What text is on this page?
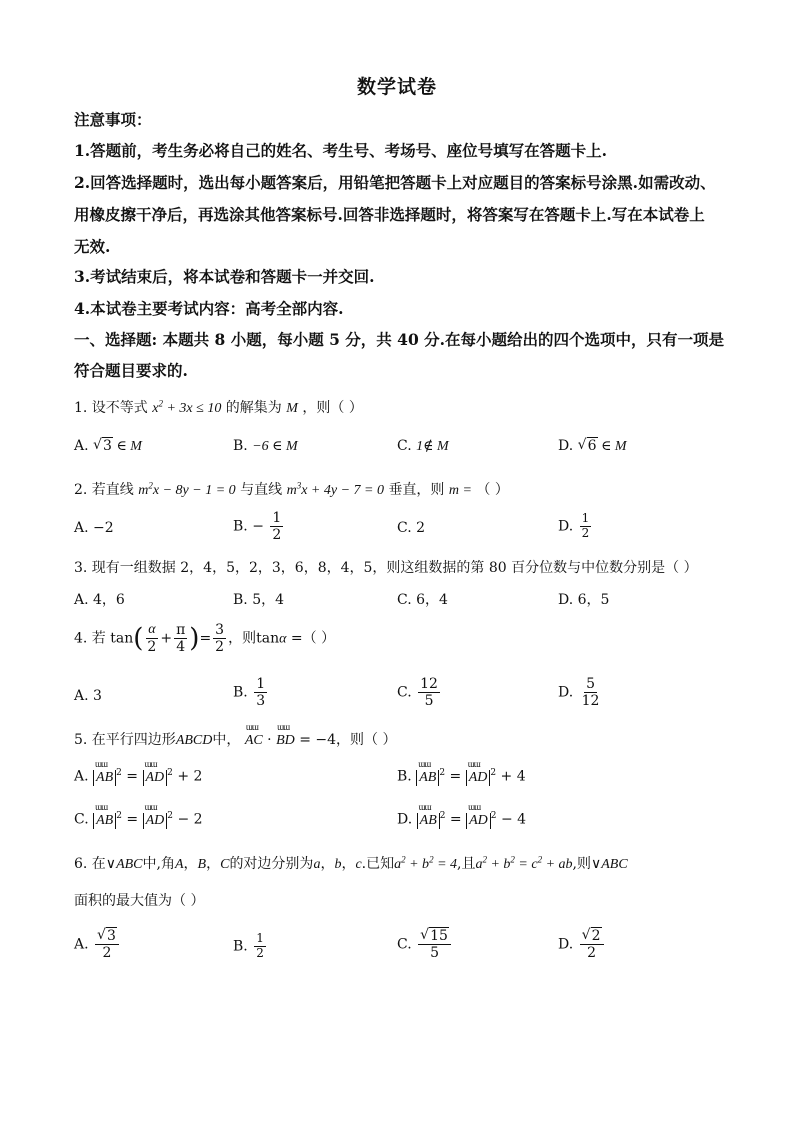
数学试卷
注意事项：
1.答题前，考生务必将自己的姓名、考生号、考场号、座位号填写在答题卡上.
2.回答选择题时，选出每小题答案后，用铅笔把答题卡上对应题目的答案标号涂黑.如需改动、
用橡皮擦干净后，再选涂其他答案标号.回答非选择题时，将答案写在答题卡上.写在本试卷上
无效.
3.考试结束后，将本试卷和答题卡一并交回.
4.本试卷主要考试内容：高考全部内容.
一、选择题: 本题共 8 小题，每小题 5 分，共 40 分.在每小题给出的四个选项中，只有一项是
符合题目要求的.
1. 设不等式 $x^2 + 3x \le 10$ 的解集为 M ，则（ ）
A. √ 3 ∈ M	B. −6 ∈ M	C. 1∉ M	D. √ 6 ∈ M
2. 若直线 $m^2x - 8y - 1 = 0$ 与直线 $m^3x + 4y - 7 = 0$ 垂直，则 m = （ ）
A. −2	B. − $\frac{1}{2}$	C. 2	D. $\frac{1}{2}$
3. 现有一组数据 2，4，5，2，3，6，8，4，5，则这组数据的第 80 百分位数与中位数分别是（ ）
A. 4，6	B. 5，4	C. 6，4	D. 6，5
4. 若 $\tan( \frac{\alpha}{2} + \frac{\pi}{4}$ )= $\frac{3}{2}$ ，则tanα =（ ）
A. 3	B. $\frac{1}{3}$	C. $\frac{12}{5}$	D. $\frac{5}{12}$
5. 在平行四边形ABCD中， ɯɯ AC · ɯɯ BD = −4，则（ ）
A. ɯɯ AB $^2$ = ɯɯ AD $^2$ + 2	B. ɯɯ AB $^2$ = ɯɯ AD $^2$ + 4
C. ɯɯ AB $^2$ = ɯɯ AD $^2$ − 2	D. ɯɯ AB $^2$ = ɯɯ AD $^2$ − 4
6. 在∨ABC中,角A，B，C的对边分别为a，b，c.已知$a^2 + b^2 = 4$,且$a^2 + b^2 = c^2$ + ab,则∨ABC
面积的最大值为（ ）
A. √ $\frac{3}{2}$	B. $\frac{1}{2}$	C. √ $\frac{15}{5}$	D. √ $\frac{2}{2}$
